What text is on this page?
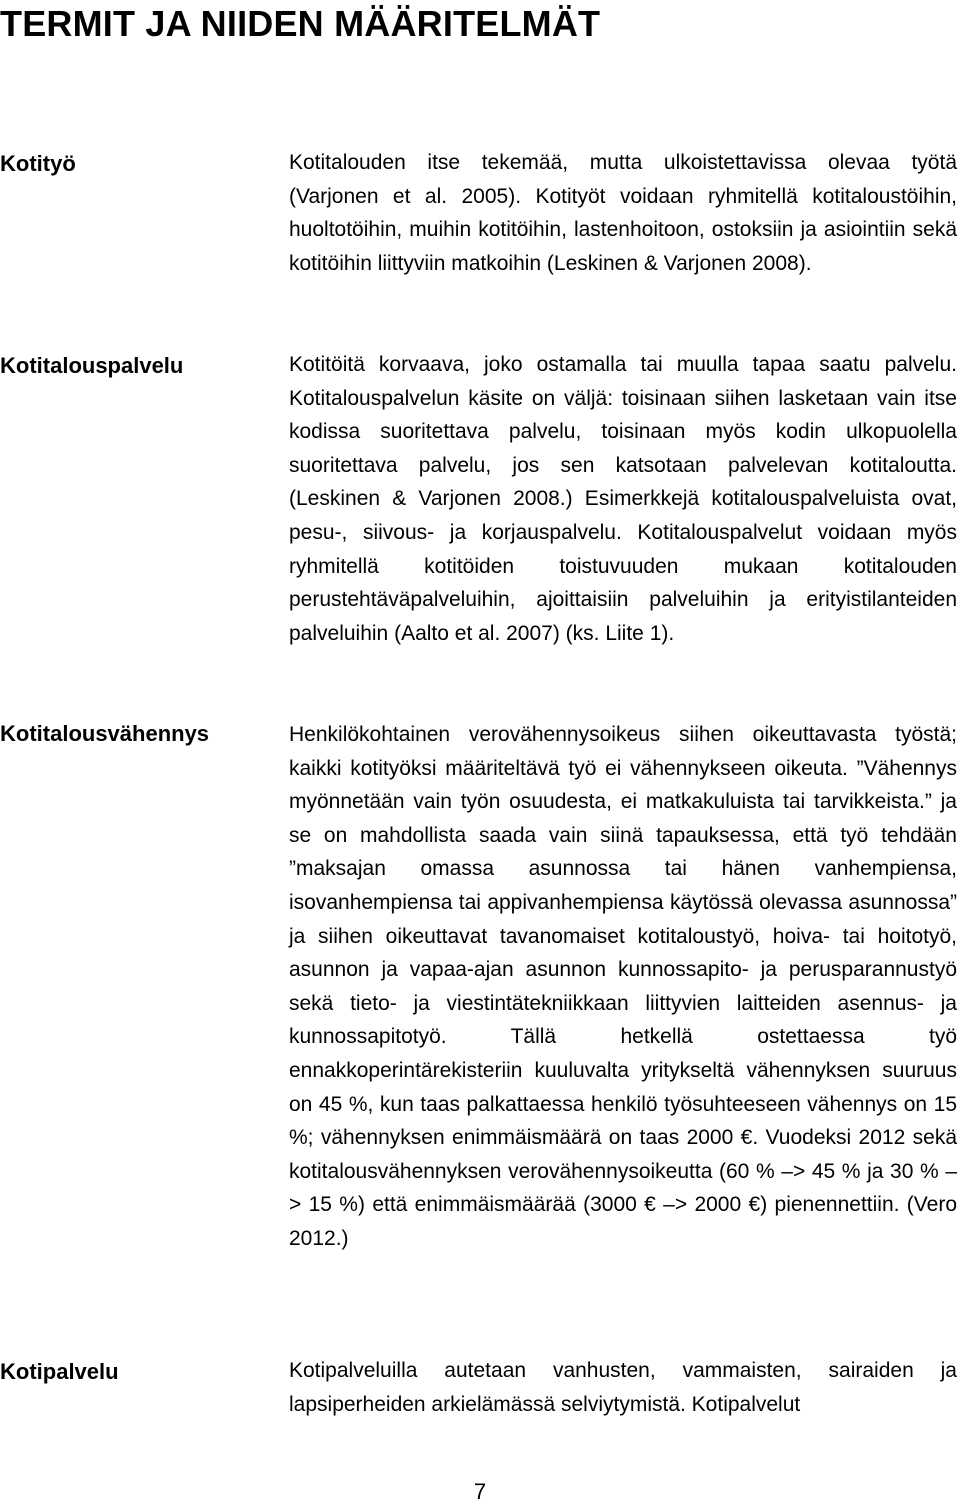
TERMIT JA NIIDEN MÄÄRITELMÄT
Kotityö	Kotitalouden itse tekemää, mutta ulkoistettavissa olevaa työtä (Varjonen et al. 2005). Kotityöt voidaan ryhmitellä kotitaloustöihin, huoltotöihin, muihin kotitöihin, lastenhoitoon, ostoksiin ja asiointiin sekä kotitöihin liittyviin matkoihin (Leskinen & Varjonen 2008).
Kotitalouspalvelu	Kotitöitä korvaava, joko ostamalla tai muulla tapaa saatu palvelu. Kotitalouspalvelun käsite on väljä: toisinaan siihen lasketaan vain itse kodissa suoritettava palvelu, toisinaan myös kodin ulkopuolella suoritettava palvelu, jos sen katsotaan palvelevan kotitaloutta. (Leskinen & Varjonen 2008.) Esimerkkejä kotitalouspalveluista ovat, pesu-, siivous- ja korjauspalvelu. Kotitalouspalvelut voidaan myös ryhmitellä kotitöiden toistuvuuden mukaan kotitalouden perustehtäväpalveluihin, ajoittaisiin palveluihin ja erityistilanteiden palveluihin (Aalto et al. 2007) (ks. Liite 1).
Kotitalousvähennys	Henkilökohtainen verovähennysoikeus siihen oikeuttavasta työstä; kaikki kotityöksi määriteltävä työ ei vähennykseen oikeuta. ”Vähennys myönnetään vain työn osuudesta, ei matkakuluista tai tarvikkeista.” ja se on mahdollista saada vain siinä tapauksessa, että työ tehdään ”maksajan omassa asunnossa tai hänen vanhempiensa, isovanhempiensa tai appivanhempiensa käytössä olevassa asunnossa” ja siihen oikeuttavat tavanomaiset kotitaloustyö, hoiva- tai hoitotyö, asunnon ja vapaa-ajan asunnon kunnossapito- ja perusparannustyö sekä tieto- ja viestintätekniikkaan liittyvien laitteiden asennus- ja kunnossapitotyö. Tällä hetkellä ostettaessa työ ennakkoperintärekisteriin kuuluvalta yritykseltä vähennyksen suuruus on 45 %, kun taas palkattaessa henkilö työsuhteeseen vähennys on 15 %; vähennyksen enimmäismäärä on taas 2000 €. Vuodeksi 2012 sekä kotitalousvähennyksen verovähennysoikeutta (60 % –> 45 % ja 30 % –> 15 %) että enimmäismäärää (3000 € –> 2000 €) pienennettiin. (Vero 2012.)
Kotipalvelu	Kotipalveluilla autetaan vanhusten, vammaisten, sairaiden ja lapsiperheiden arkielämässä selviytymistä. Kotipalvelut
7
